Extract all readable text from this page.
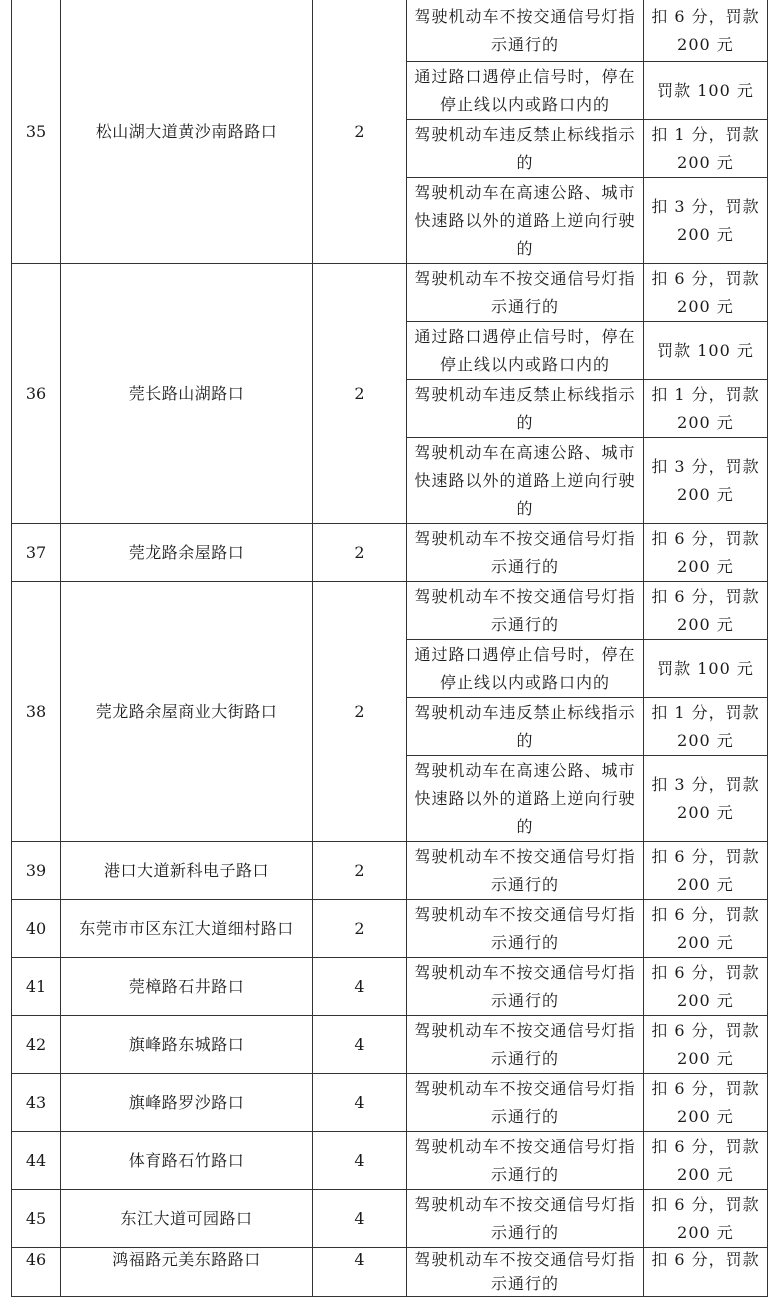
35	松山湖大道黄沙南路路口	2	驾驶机动车不按交通信号灯指示通行的	扣 6 分，罚款 200 元
			通过路口遇停止信号时，停在停止线以内或路口内的	罚款 100 元
			驾驶机动车违反禁止标线指示的	扣 1 分，罚款 200 元
			驾驶机动车在高速公路、城市快速路以外的道路上逆向行驶的	扣 3 分，罚款 200 元
36	莞长路山湖路口	2	驾驶机动车不按交通信号灯指示通行的	扣 6 分，罚款 200 元
			通过路口遇停止信号时，停在停止线以内或路口内的	罚款 100 元
			驾驶机动车违反禁止标线指示的	扣 1 分，罚款 200 元
			驾驶机动车在高速公路、城市快速路以外的道路上逆向行驶的	扣 3 分，罚款 200 元
37	莞龙路余屋路口	2	驾驶机动车不按交通信号灯指示通行的	扣 6 分，罚款 200 元
38	莞龙路余屋商业大街路口	2	驾驶机动车不按交通信号灯指示通行的	扣 6 分，罚款 200 元
			通过路口遇停止信号时，停在停止线以内或路口内的	罚款 100 元
			驾驶机动车违反禁止标线指示的	扣 1 分，罚款 200 元
			驾驶机动车在高速公路、城市快速路以外的道路上逆向行驶的	扣 3 分，罚款 200 元
39	港口大道新科电子路口	2	驾驶机动车不按交通信号灯指示通行的	扣 6 分，罚款 200 元
40	东莞市市区东江大道细村路口	2	驾驶机动车不按交通信号灯指示通行的	扣 6 分，罚款 200 元
41	莞樟路石井路口	4	驾驶机动车不按交通信号灯指示通行的	扣 6 分，罚款 200 元
42	旗峰路东城路口	4	驾驶机动车不按交通信号灯指示通行的	扣 6 分，罚款 200 元
43	旗峰路罗沙路口	4	驾驶机动车不按交通信号灯指示通行的	扣 6 分，罚款 200 元
44	体育路石竹路口	4	驾驶机动车不按交通信号灯指示通行的	扣 6 分，罚款 200 元
45	东江大道可园路口	4	驾驶机动车不按交通信号灯指示通行的	扣 6 分，罚款 200 元
46	鸿福路元美东路路口	4	驾驶机动车不按交通信号灯指示通行的	扣 6 分，罚款
